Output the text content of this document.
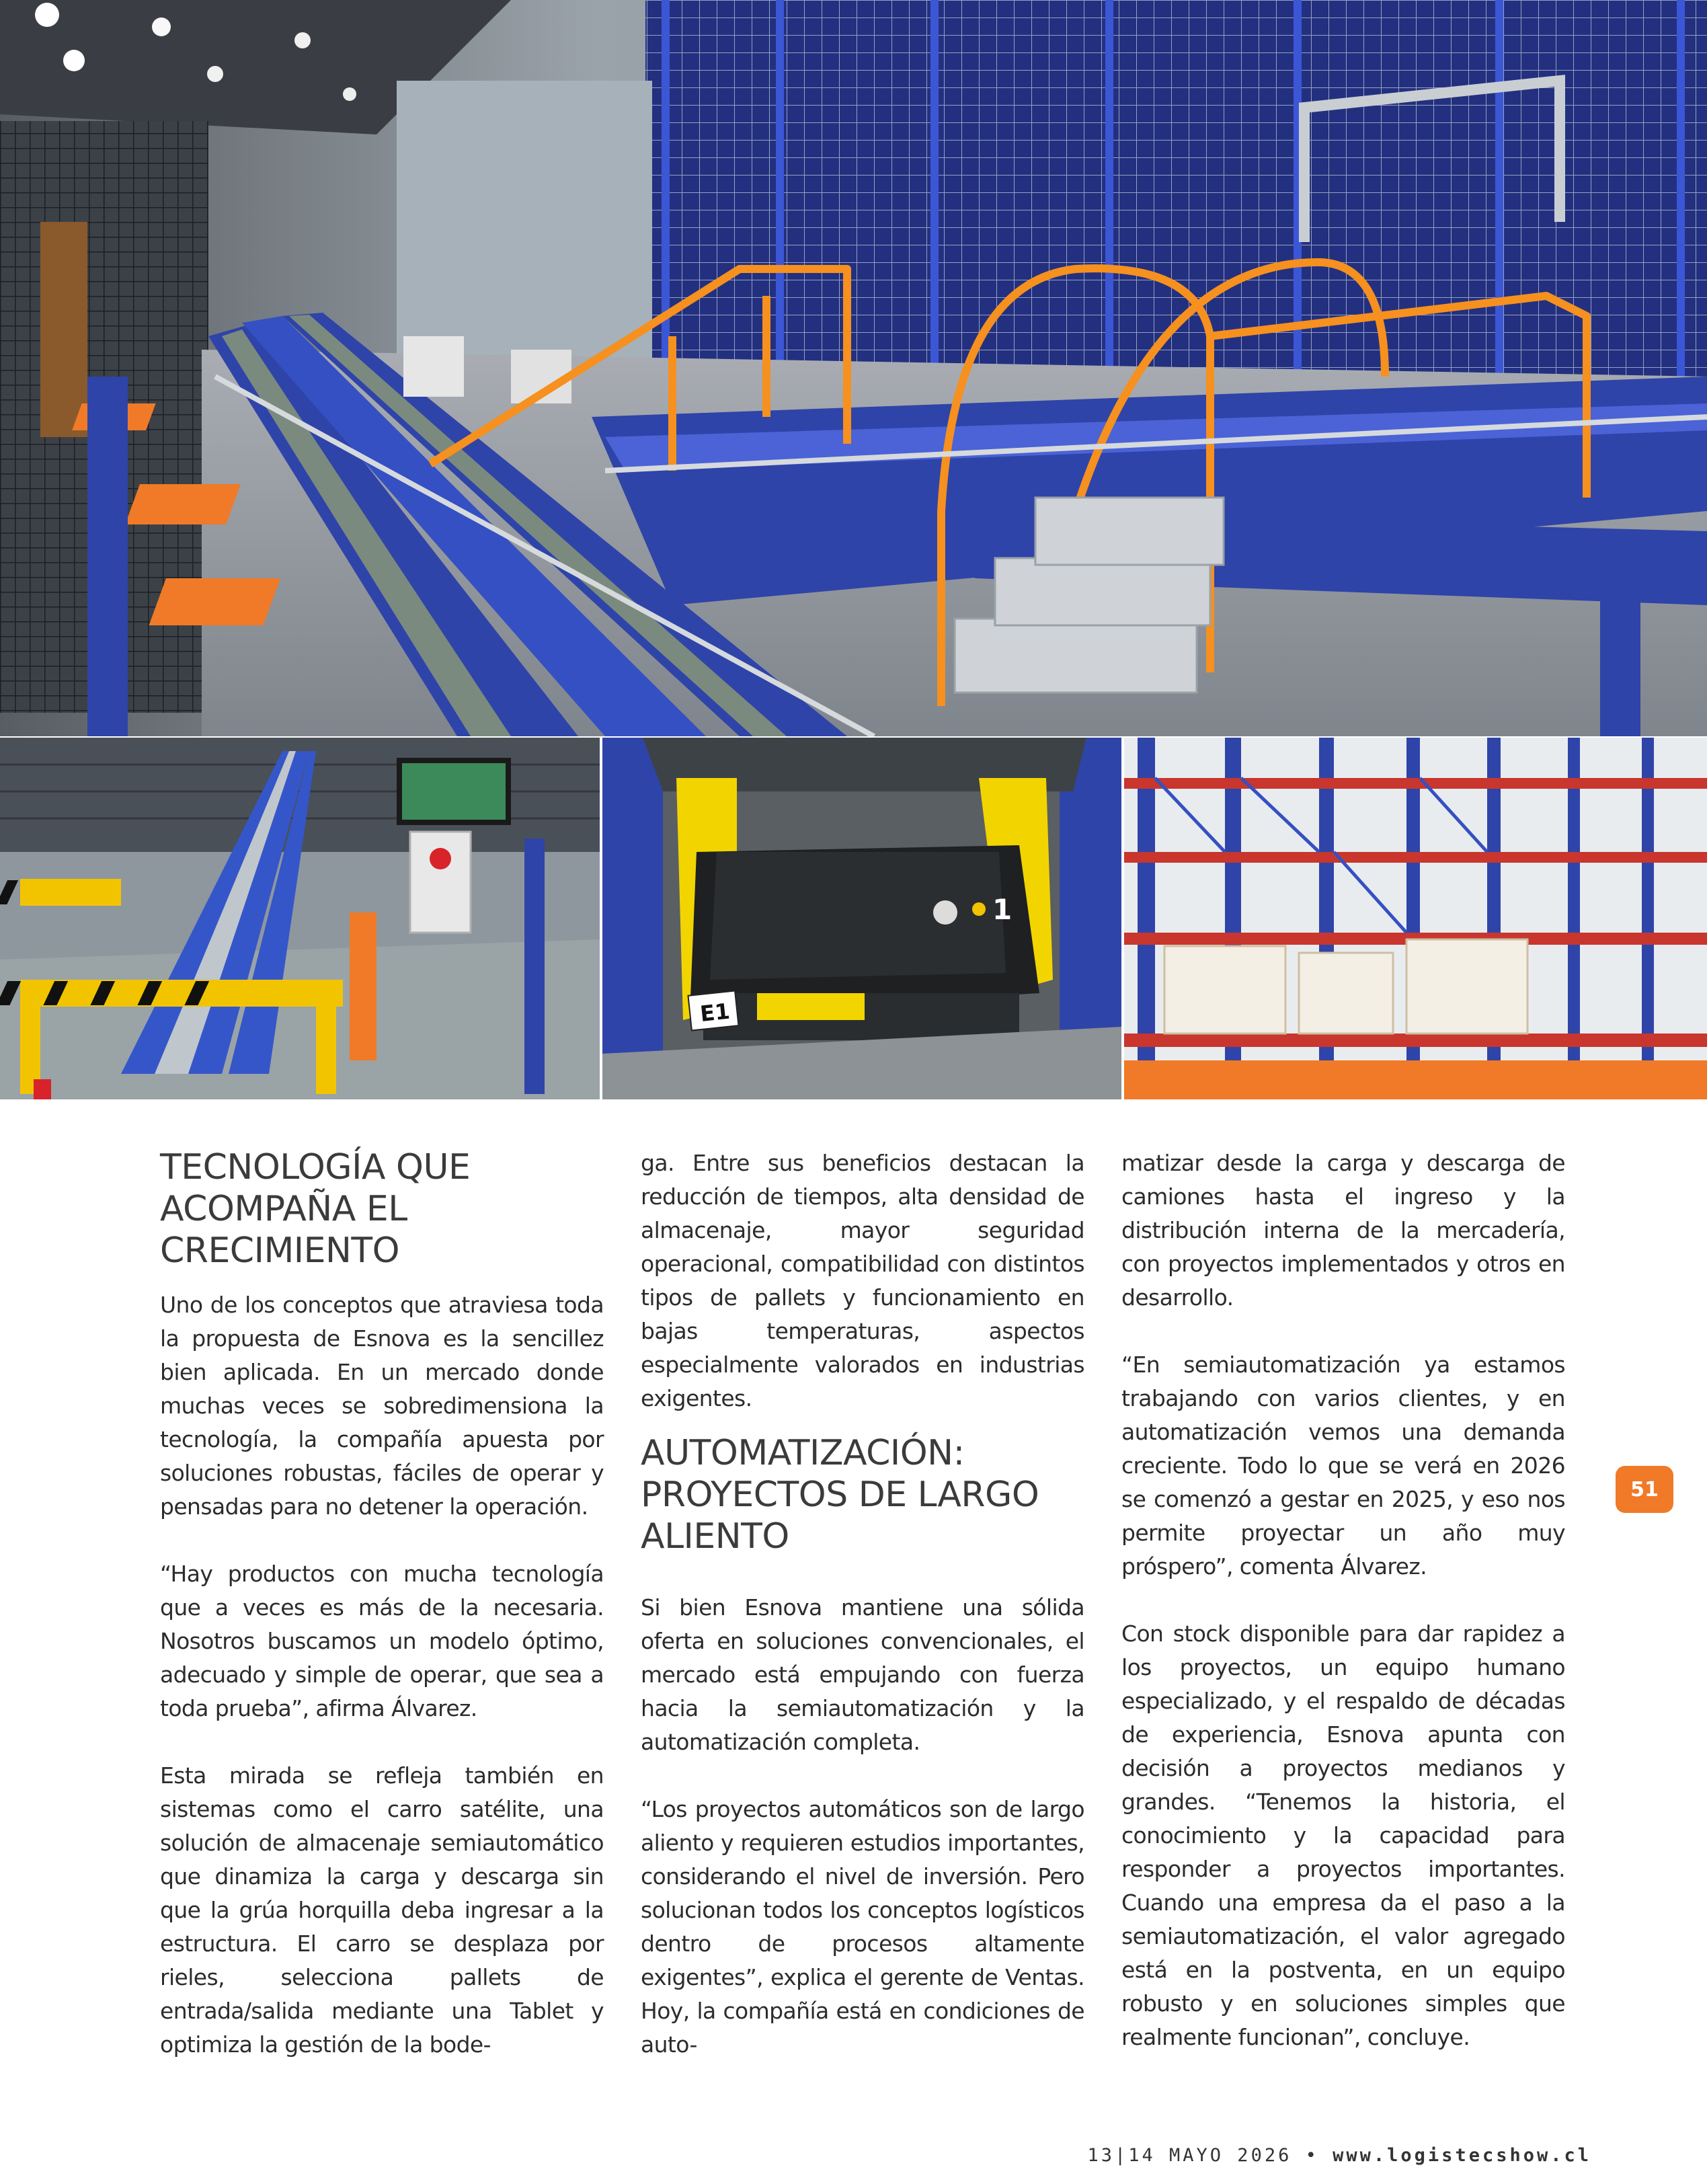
E1
1
TECNOLOGÍA QUE
ACOMPAÑA EL
CRECIMIENTO

Uno de los conceptos que atraviesa toda la propuesta de Esnova es la sencillez bien aplicada. En un mercado donde muchas veces se sobredimensiona la tecnología, la compañía apuesta por soluciones robustas, fáciles de operar y pensadas para no detener la operación.

“Hay productos con mucha tecnología que a veces es más de la necesaria. Nosotros buscamos un modelo óptimo, adecuado y simple de operar, que sea a toda prueba”, afirma Álvarez.

Esta mirada se refleja también en sistemas como el carro satélite, una solución de almacenaje semiautomático que dinamiza la carga y descarga sin que la grúa horquilla deba ingresar a la estructura. El carro se desplaza por rieles, selecciona pallets de entrada/salida mediante una Tablet y optimiza la gestión de la bode-

ga. Entre sus beneficios destacan la reducción de tiempos, alta densidad de almacenaje, mayor seguridad operacional, compatibilidad con distintos tipos de pallets y funcionamiento en bajas temperaturas, aspectos especialmente valorados en industrias exigentes.

AUTOMATIZACIÓN:
PROYECTOS DE LARGO
ALIENTO

Si bien Esnova mantiene una sólida oferta en soluciones convencionales, el mercado está empujando con fuerza hacia la semiautomatización y la automatización completa.

“Los proyectos automáticos son de largo aliento y requieren estudios importantes, considerando el nivel de inversión. Pero solucionan todos los conceptos logísticos dentro de procesos altamente exigentes”, explica el gerente de Ventas. Hoy, la compañía está en condiciones de auto-

matizar desde la carga y descarga de camiones hasta el ingreso y la distribución interna de la mercadería, con proyectos implementados y otros en desarrollo.

“En semiautomatización ya estamos trabajando con varios clientes, y en automatización vemos una demanda creciente. Todo lo que se verá en 2026 se comenzó a gestar en 2025, y eso nos permite proyectar un año muy próspero”, comenta Álvarez.

Con stock disponible para dar rapidez a los proyectos, un equipo humano especializado, y el respaldo de décadas de experiencia, Esnova apunta con decisión a proyectos medianos y grandes. “Tenemos la historia, el conocimiento y la capacidad para responder a proyectos importantes. Cuando una empresa da el paso a la semiautomatización, el valor agregado está en la postventa, en un equipo robusto y en soluciones simples que realmente funcionan”, concluye.

51
13|14 MAYO 2026 • www.logistecshow.cl
